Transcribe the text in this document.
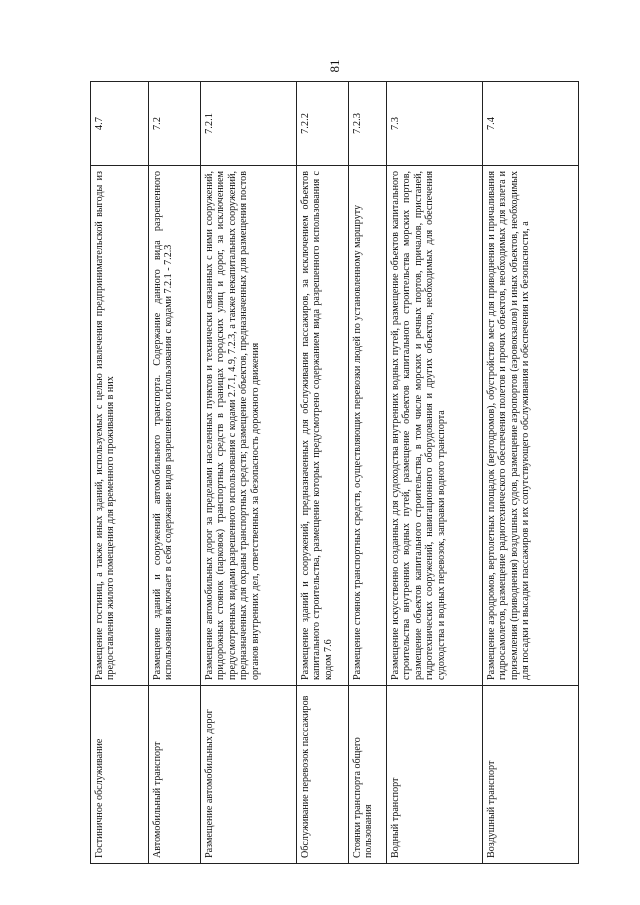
81
Гостиничное обслуживание	Размещение гостиниц, а также иных зданий, используемых с целью извлечения предпринимательской выгоды из предоставления жилого помещения для временного проживания в них	4.7
Автомобильный транспорт	Размещение зданий и сооружений автомобильного транспорта. Содержание данного вида разрешенного использования включает в себя содержание видов разрешенного использования с кодами 7.2.1 - 7.2.3	7.2
Размещение автомобильных дорог	Размещение автомобильных дорог за пределами населенных пунктов и технически связанных с ними сооружений, придорожных стоянок (парковок) транспортных средств в границах городских улиц и дорог, за исключением предусмотренных видами разрешенного использования с кодами 2.7.1, 4.9, 7.2.3, а также некапитальных сооружений, предназначенных для охраны транспортных средств; размещение объектов, предназначенных для размещения постов органов внутренних дел, ответственных за безопасность дорожного движения	7.2.1
Обслуживание перевозок пассажиров	Размещение зданий и сооружений, предназначенных для обслуживания пассажиров, за исключением объектов капитального строительства, размещение которых предусмотрено содержанием вида разрешенного использования с кодом 7.6	7.2.2
Стоянки транспорта общего пользования	Размещение стоянок транспортных средств, осуществляющих перевозки людей по установленному маршруту	7.2.3
Водный транспорт	Размещение искусственно созданных для судоходства внутренних водных путей, размещение объектов капитального строительства внутренних водных путей, размещение объектов капитального строительства морских портов, размещение объектов капитального строительства, в том числе морских и речных портов, причалов, пристаней, гидротехнических сооружений, навигационного оборудования и других объектов, необходимых для обеспечения судоходства и водных перевозок, заправки водного транспорта	7.3
Воздушный транспорт	Размещение аэродромов, вертолетных площадок (вертодромов), обустройство мест для приводнения и причаливания гидросамолетов, размещение радиотехнического обеспечения полетов и прочих объектов, необходимых для взлета и приземления (приводнения) воздушных судов, размещение аэропортов (аэровокзалов) и иных объектов, необходимых для посадки и высадки пассажиров и их сопутствующего обслуживания и обеспечения их безопасности, а	7.4
